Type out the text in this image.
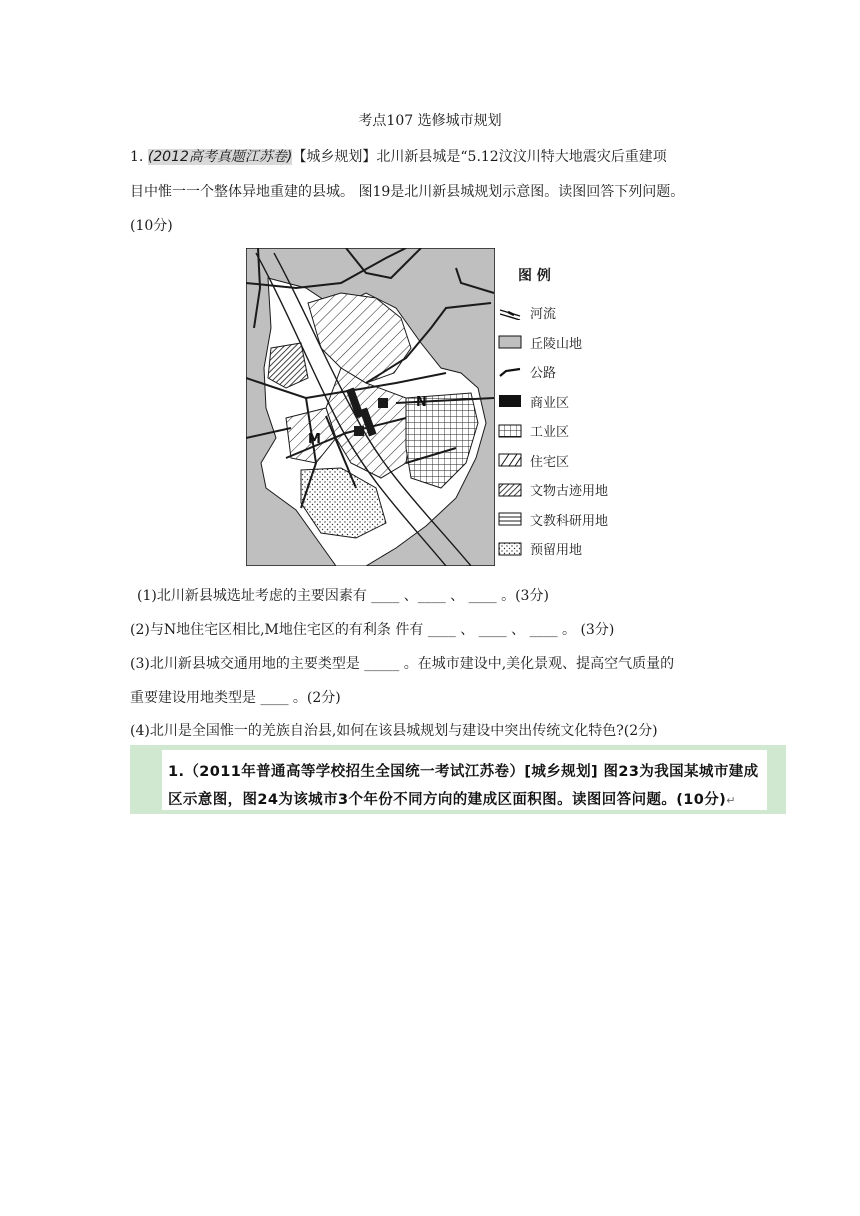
考点107 选修城市规划
1. (2012高考真题江苏卷)【城乡规划】北川新县城是“5.12汶汶川特大地震灾后重建项
目中惟一一个整体异地重建的县城。 图19是北川新县城规划示意图。读图回答下列问题。
(10分)
M
N
图 例
河流
丘陵山地
公路
商业区
工业区
住宅区
文物古迹用地
文教科研用地
预留用地
(1)北川新县城选址考虑的主要因素有 ____ 、____ 、 ____ 。(3分)
(2)与N地住宅区相比,M地住宅区的有利条 件有 ____ 、 ____ 、 ____ 。 (3分)
(3)北川新县城交通用地的主要类型是 _____ 。在城市建设中,美化景观、提高空气质量的
重要建设用地类型是 ____ 。(2分)
(4)北川是全国惟一的羌族自治县,如何在该县城规划与建设中突出传统文化特色?(2分)
1.（2011年普通高等学校招生全国统一考试江苏卷）[城乡规划] 图23为我国某城市建成
区示意图，图24为该城市3个年份不同方向的建成区面积图。读图回答问题。(10分)↵
